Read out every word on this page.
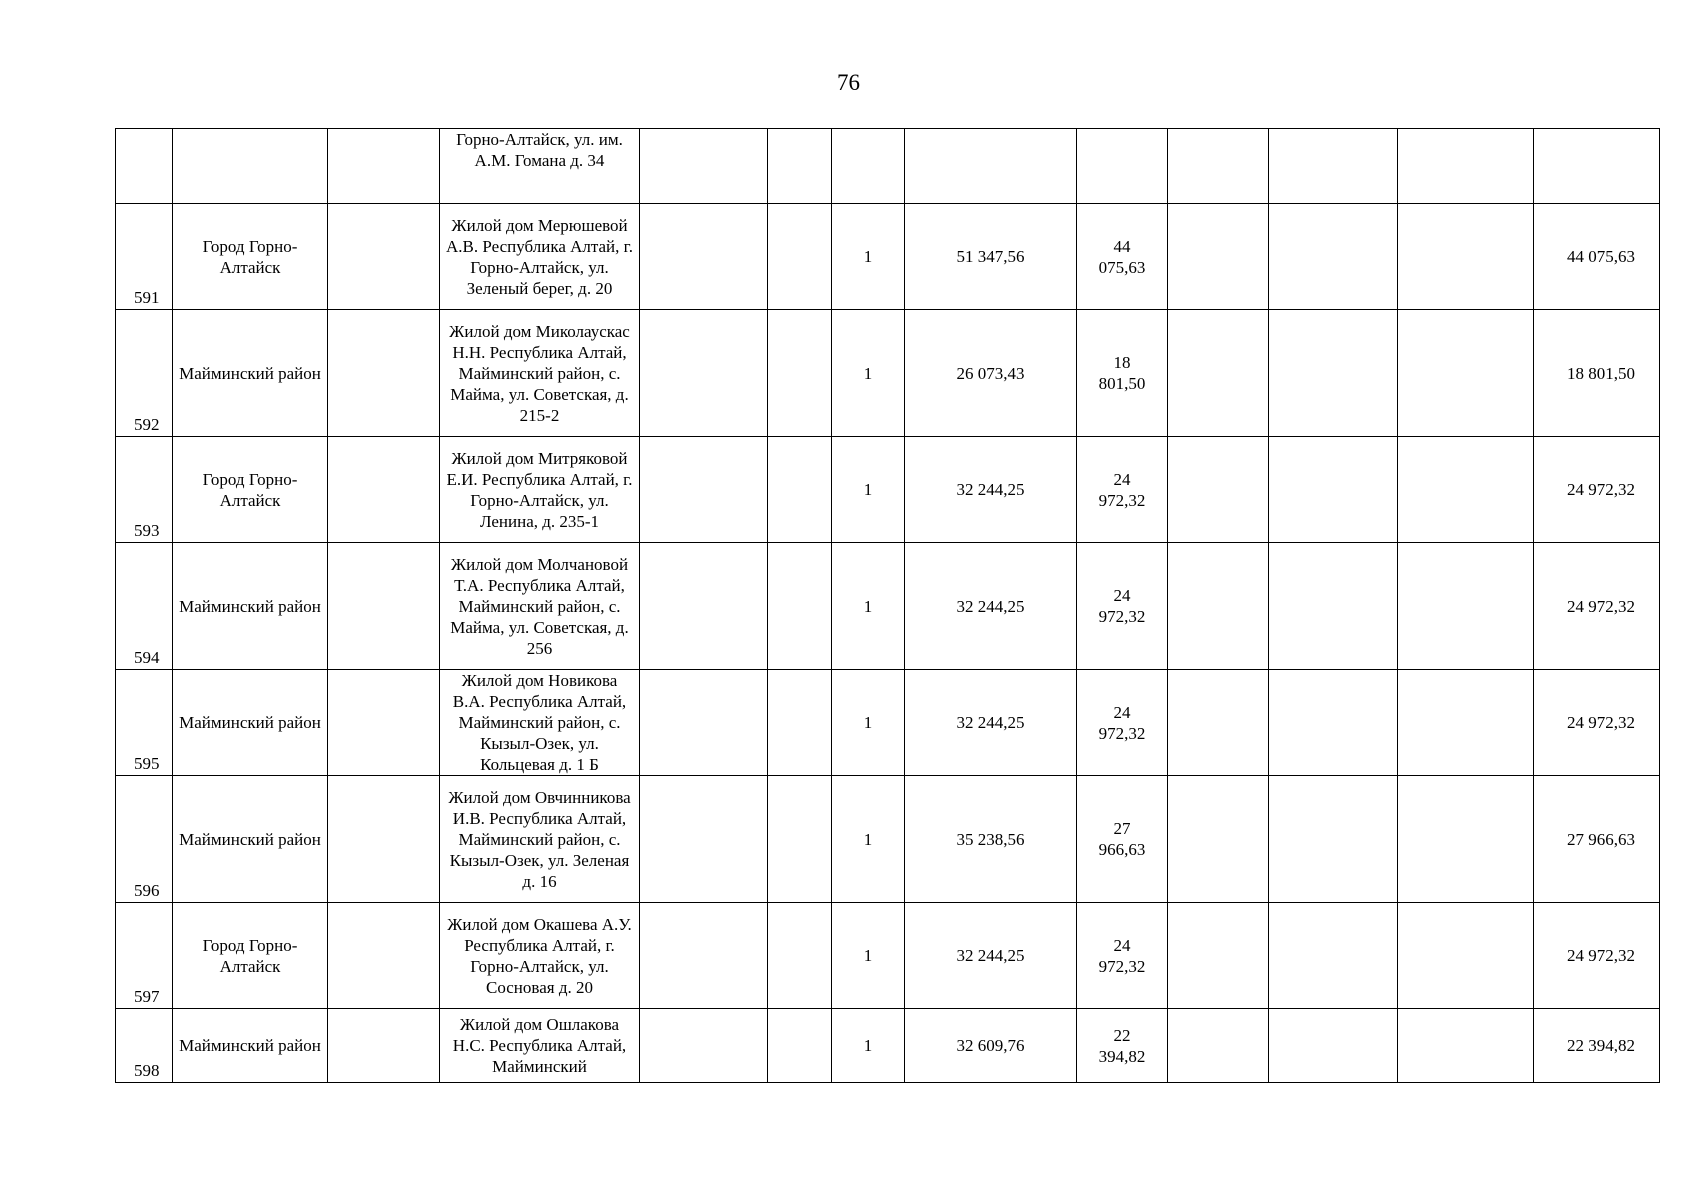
76
			Горно-Алтайск, ул. им. А.М. Гомана д. 34									
591	Город Горно-Алтайск		Жилой дом Мерюшевой А.В. Республика Алтай, г. Горно-Алтайск, ул. Зеленый берег, д. 20			1	51 347,56	44 075,63				44 075,63
592	Майминский район		Жилой дом Миколаускас Н.Н. Республика Алтай, Майминский район, с. Майма, ул. Советская, д. 215-2			1	26 073,43	18 801,50				18 801,50
593	Город Горно-Алтайск		Жилой дом Митряковой Е.И. Республика Алтай, г. Горно-Алтайск, ул. Ленина, д. 235-1			1	32 244,25	24 972,32				24 972,32
594	Майминский район		Жилой дом Молчановой Т.А. Республика Алтай, Майминский район, с. Майма, ул. Советская, д. 256			1	32 244,25	24 972,32				24 972,32
595	Майминский район		Жилой дом Новикова В.А. Республика Алтай, Майминский район, с. Кызыл-Озек, ул. Кольцевая д. 1 Б			1	32 244,25	24 972,32				24 972,32
596	Майминский район		Жилой дом Овчинникова И.В. Республика Алтай, Майминский район, с. Кызыл-Озек, ул. Зеленая д. 16			1	35 238,56	27 966,63				27 966,63
597	Город Горно-Алтайск		Жилой дом Окашева А.У. Республика Алтай, г. Горно-Алтайск, ул. Сосновая д. 20			1	32 244,25	24 972,32				24 972,32
598	Майминский район		Жилой дом Ошлакова Н.С. Республика Алтай, Майминский			1	32 609,76	22 394,82				22 394,82
